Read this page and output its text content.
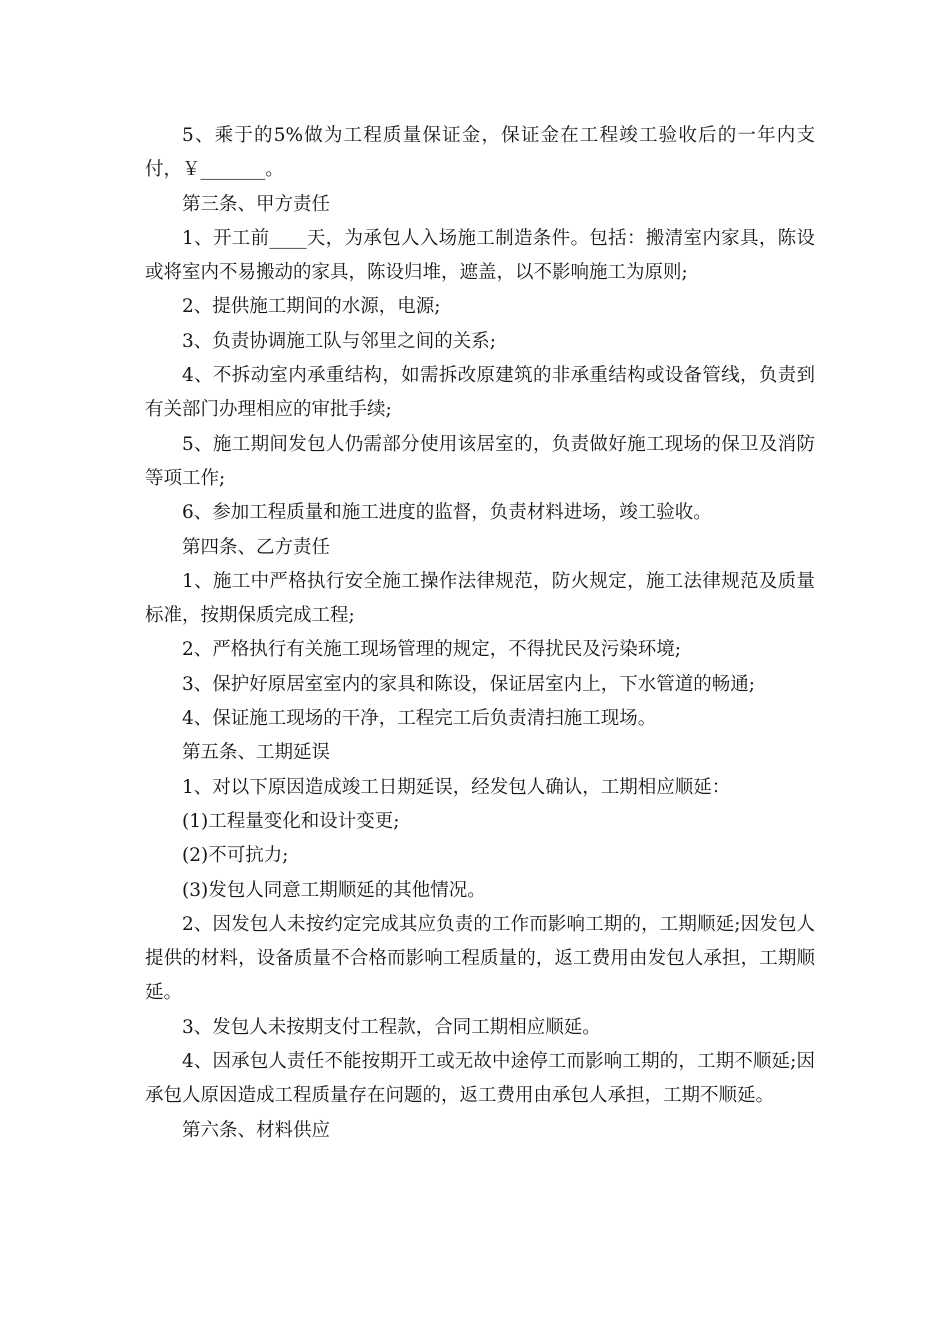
5、乘于的5%做为工程质量保证金，保证金在工程竣工验收后的一年内支付，￥_______。

第三条、甲方责任

1、开工前____天，为承包人入场施工制造条件。包括：搬清室内家具，陈设或将室内不易搬动的家具，陈设归堆，遮盖，以不影响施工为原则;

2、提供施工期间的水源，电源;

3、负责协调施工队与邻里之间的关系;

4、不拆动室内承重结构，如需拆改原建筑的非承重结构或设备管线，负责到有关部门办理相应的审批手续;

5、施工期间发包人仍需部分使用该居室的，负责做好施工现场的保卫及消防等项工作;

6、参加工程质量和施工进度的监督，负责材料进场，竣工验收。

第四条、乙方责任

1、施工中严格执行安全施工操作法律规范，防火规定，施工法律规范及质量标准，按期保质完成工程;

2、严格执行有关施工现场管理的规定，不得扰民及污染环境;

3、保护好原居室室内的家具和陈设，保证居室内上，下水管道的畅通;

4、保证施工现场的干净，工程完工后负责清扫施工现场。

第五条、工期延误

1、对以下原因造成竣工日期延误，经发包人确认，工期相应顺延：

(1)工程量变化和设计变更;

(2)不可抗力;

(3)发包人同意工期顺延的其他情况。

2、因发包人未按约定完成其应负责的工作而影响工期的，工期顺延;因发包人提供的材料，设备质量不合格而影响工程质量的，返工费用由发包人承担，工期顺延。

3、发包人未按期支付工程款，合同工期相应顺延。

4、因承包人责任不能按期开工或无故中途停工而影响工期的，工期不顺延;因承包人原因造成工程质量存在问题的，返工费用由承包人承担，工期不顺延。

第六条、材料供应
